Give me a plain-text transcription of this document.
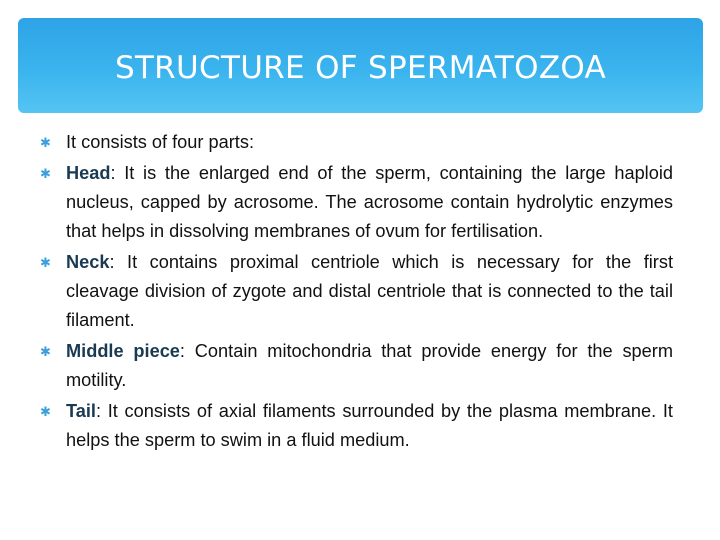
STRUCTURE OF SPERMATOZOA
✱ It consists of four parts:
✱ Head: It is the enlarged end of the sperm, containing the large haploid nucleus, capped by acrosome. The acrosome contain hydrolytic enzymes that helps in dissolving membranes of ovum for fertilisation.
✱ Neck: It contains proximal centriole which is necessary for the first cleavage division of zygote and distal centriole that is connected to the tail filament.
✱ Middle piece: Contain mitochondria that provide energy for the sperm motility.
✱ Tail: It consists of axial filaments surrounded by the plasma membrane. It helps the sperm to swim in a fluid medium.
